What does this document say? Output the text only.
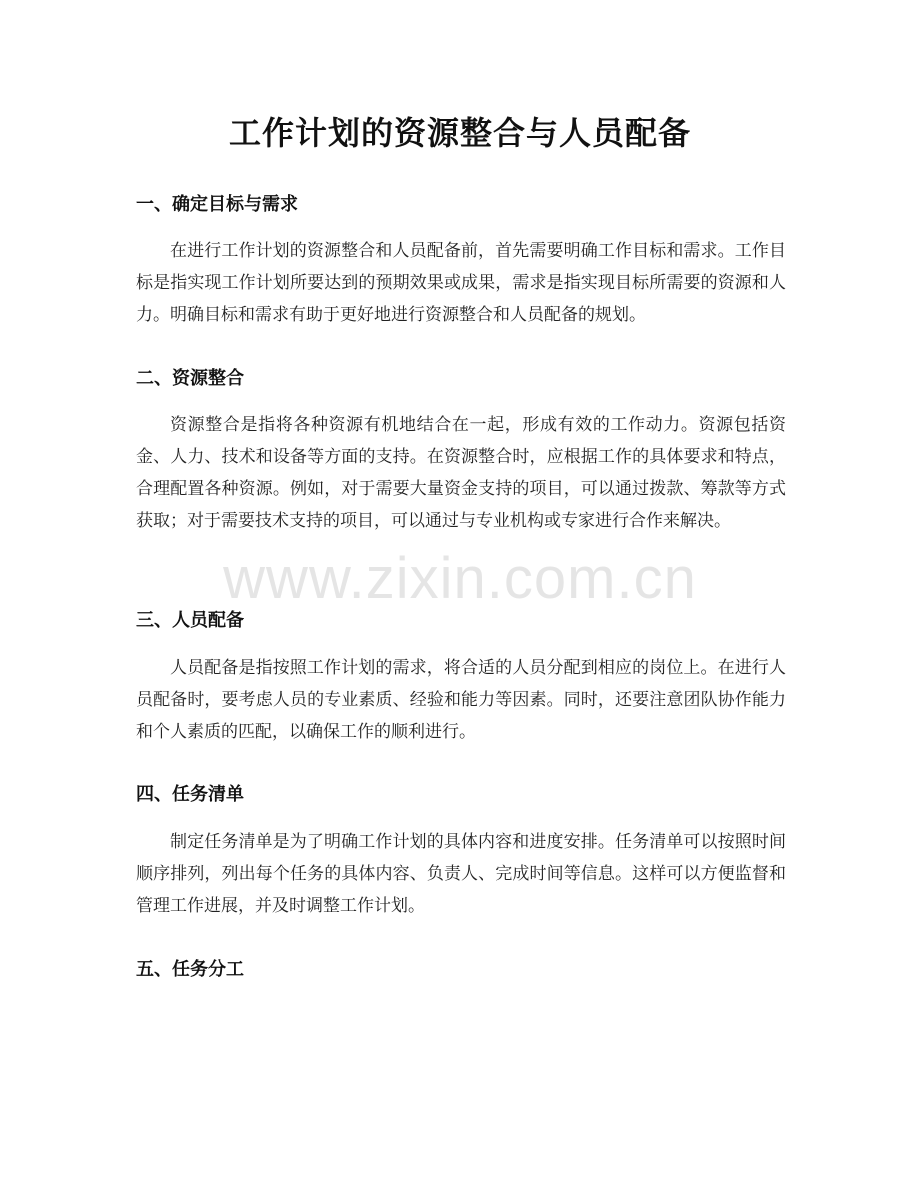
工作计划的资源整合与人员配备
一、确定目标与需求

在进行工作计划的资源整合和人员配备前，首先需要明确工作目标和需求。工作目标是指实现工作计划所要达到的预期效果或成果，需求是指实现目标所需要的资源和人力。明确目标和需求有助于更好地进行资源整合和人员配备的规划。

二、资源整合

资源整合是指将各种资源有机地结合在一起，形成有效的工作动力。资源包括资金、人力、技术和设备等方面的支持。在资源整合时，应根据工作的具体要求和特点，合理配置各种资源。例如，对于需要大量资金支持的项目，可以通过拨款、筹款等方式获取；对于需要技术支持的项目，可以通过与专业机构或专家进行合作来解决。

三、人员配备

人员配备是指按照工作计划的需求，将合适的人员分配到相应的岗位上。在进行人员配备时，要考虑人员的专业素质、经验和能力等因素。同时，还要注意团队协作能力和个人素质的匹配，以确保工作的顺利进行。

四、任务清单

制定任务清单是为了明确工作计划的具体内容和进度安排。任务清单可以按照时间顺序排列，列出每个任务的具体内容、负责人、完成时间等信息。这样可以方便监督和管理工作进展，并及时调整工作计划。

五、任务分工
www.zixin.com.cn
